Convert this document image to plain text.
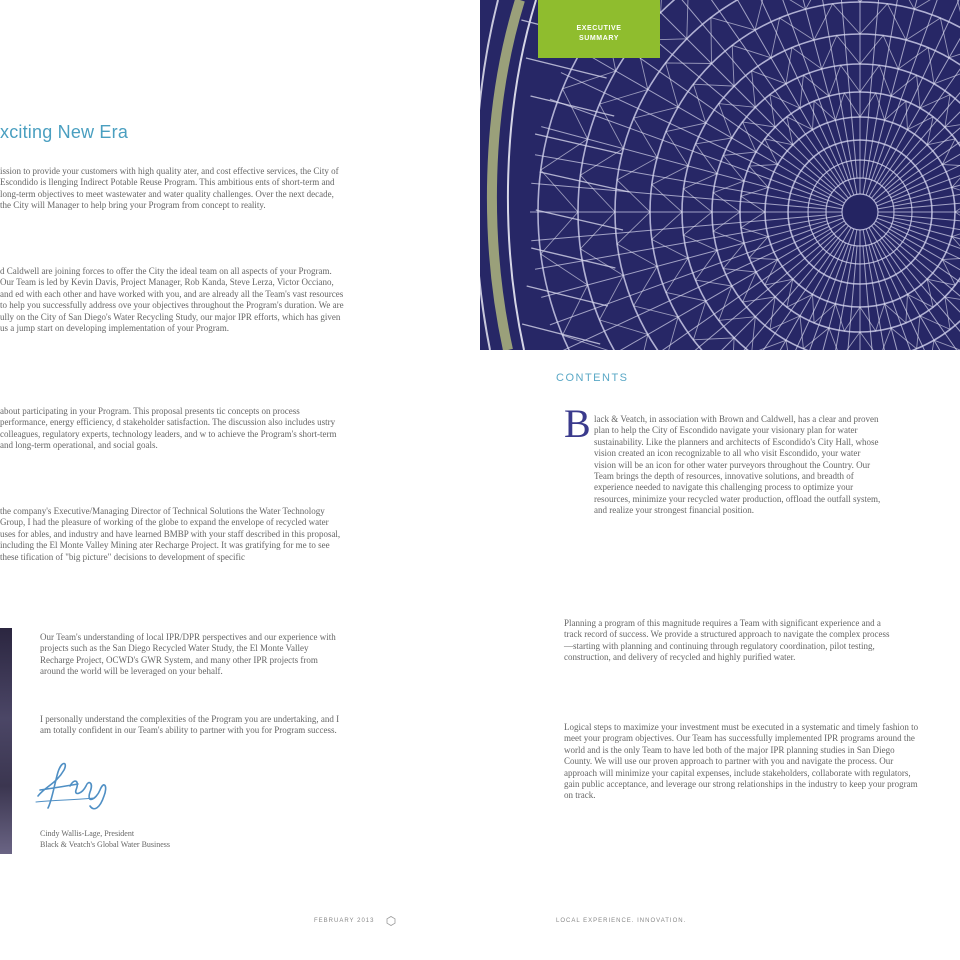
xciting New Era

ission to provide your customers with high quality ater, and cost effective services, the City of Escondido is llenging Indirect Potable Reuse Program. This ambitious ents of short-term and long-term objectives to meet wastewater and water quality challenges. Over the next decade, the City will Manager to help bring your Program from concept to reality.

d Caldwell are joining forces to offer the City the ideal team on all aspects of your Program. Our Team is led by Kevin Davis, Project Manager, Rob Kanda, Steve Lerza, Victor Occiano, and ed with each other and have worked with you, and are already all the Team's vast resources to help you successfully address ove your objectives throughout the Program's duration. We are ully on the City of San Diego's Water Recycling Study, our major IPR efforts, which has given us a jump start on developing implementation of your Program.

about participating in your Program. This proposal presents tic concepts on process performance, energy efficiency, d stakeholder satisfaction. The discussion also includes ustry colleagues, regulatory experts, technology leaders, and w to achieve the Program's short-term and long-term operational, and social goals.

the company's Executive/Managing Director of Technical Solutions the Water Technology Group, I had the pleasure of working of the globe to expand the envelope of recycled water uses for ables, and industry and have learned BMBP with your staff described in this proposal, including the El Monte Valley Mining ater Recharge Project. It was gratifying for me to see these tification of "big picture" decisions to development of specific

Our Team's understanding of local IPR/DPR perspectives and our experience with projects such as the San Diego Recycled Water Study, the El Monte Valley Recharge Project, OCWD's GWR System, and many other IPR projects from around the world will be leveraged on your behalf.

I personally understand the complexities of the Program you are undertaking, and I am totally confident in our Team's ability to partner with you for Program success.

Cindy Wallis-Lage, President
Black & Veatch's Global Water Business

FEBRUARY 2013

EXECUTIVE
SUMMARY
CONTENTS
B lack & Veatch, in association with Brown and Caldwell, has a clear and proven plan to help the City of Escondido navigate your visionary plan for water sustainability. Like the planners and architects of Escondido's City Hall, whose vision created an icon recognizable to all who visit Escondido, your water vision will be an icon for other water purveyors throughout the Country. Our Team brings the depth of resources, innovative solutions, and breadth of experience needed to navigate this challenging process to optimize your resources, minimize your recycled water production, offload the outfall system, and realize your strongest financial position.

Planning a program of this magnitude requires a Team with significant experience and a track record of success. We provide a structured approach to navigate the complex process—starting with planning and continuing through regulatory coordination, pilot testing, construction, and delivery of recycled and highly purified water.

Logical steps to maximize your investment must be executed in a systematic and timely fashion to meet your program objectives. Our Team has successfully implemented IPR programs around the world and is the only Team to have led both of the major IPR planning studies in San Diego County. We will use our proven approach to partner with you and navigate the process. Our approach will minimize your capital expenses, include stakeholders, collaborate with regulators, gain public acceptance, and leverage our strong relationships in the industry to keep your program on track.

LOCAL EXPERIENCE. INNOVATION.
